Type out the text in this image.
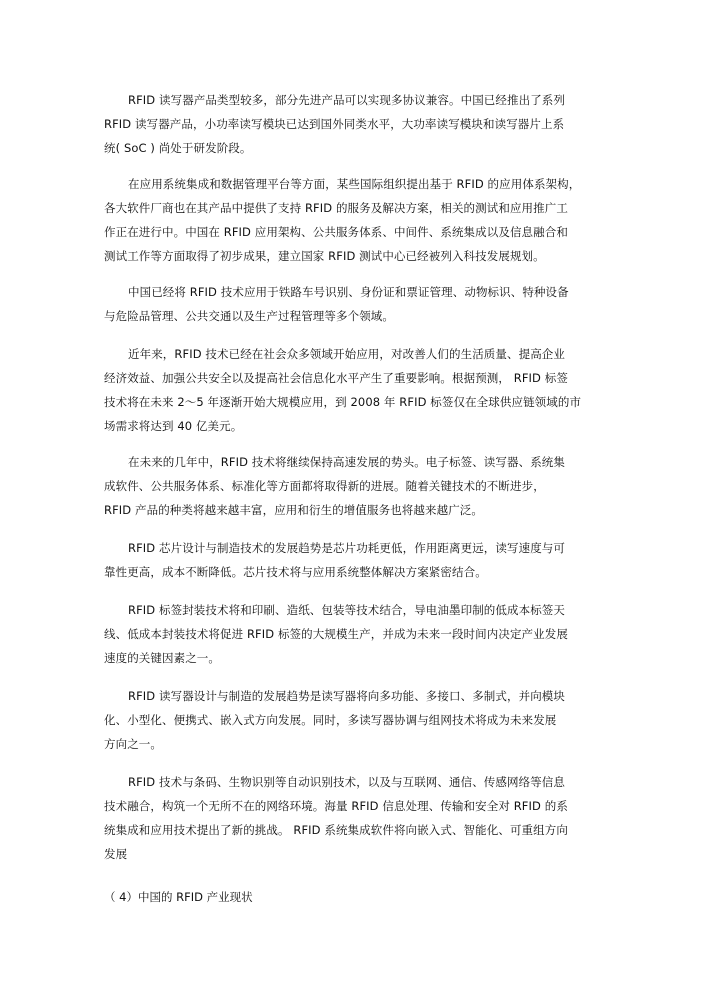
RFID 读写器产品类型较多，部分先进产品可以实现多协议兼容。中国已经推出了系列
RFID 读写器产品，小功率读写模块已达到国外同类水平，大功率读写模块和读写器片上系
统( SoC ) 尚处于研发阶段。
在应用系统集成和数据管理平台等方面，某些国际组织提出基于 RFID 的应用体系架构，
各大软件厂商也在其产品中提供了支持 RFID 的服务及解决方案，相关的测试和应用推广工
作正在进行中。中国在 RFID 应用架构、公共服务体系、中间件、系统集成以及信息融合和
测试工作等方面取得了初步成果，建立国家 RFID 测试中心已经被列入科技发展规划。
中国已经将 RFID 技术应用于铁路车号识别、身份证和票证管理、动物标识、特种设备
与危险品管理、公共交通以及生产过程管理等多个领域。
近年来，RFID 技术已经在社会众多领域开始应用，对改善人们的生活质量、提高企业
经济效益、加强公共安全以及提高社会信息化水平产生了重要影响。根据预测， RFID 标签
技术将在未来 2～5 年逐渐开始大规模应用，到 2008 年 RFID 标签仅在全球供应链领域的市
场需求将达到 40 亿美元。
在未来的几年中，RFID 技术将继续保持高速发展的势头。电子标签、读写器、系统集
成软件、公共服务体系、标准化等方面都将取得新的进展。随着关键技术的不断进步，
RFID 产品的种类将越来越丰富，应用和衍生的增值服务也将越来越广泛。
RFID 芯片设计与制造技术的发展趋势是芯片功耗更低，作用距离更远，读写速度与可
靠性更高，成本不断降低。芯片技术将与应用系统整体解决方案紧密结合。
RFID 标签封装技术将和印刷、造纸、包装等技术结合，导电油墨印制的低成本标签天
线、低成本封装技术将促进 RFID 标签的大规模生产，并成为未来一段时间内决定产业发展
速度的关键因素之一。
RFID 读写器设计与制造的发展趋势是读写器将向多功能、多接口、多制式，并向模块
化、小型化、便携式、嵌入式方向发展。同时，多读写器协调与组网技术将成为未来发展
方向之一。
RFID 技术与条码、生物识别等自动识别技术，以及与互联网、通信、传感网络等信息
技术融合，构筑一个无所不在的网络环境。海量 RFID 信息处理、传输和安全对 RFID 的系
统集成和应用技术提出了新的挑战。 RFID 系统集成软件将向嵌入式、智能化、可重组方向
发展
（ 4）中国的 RFID 产业现状
